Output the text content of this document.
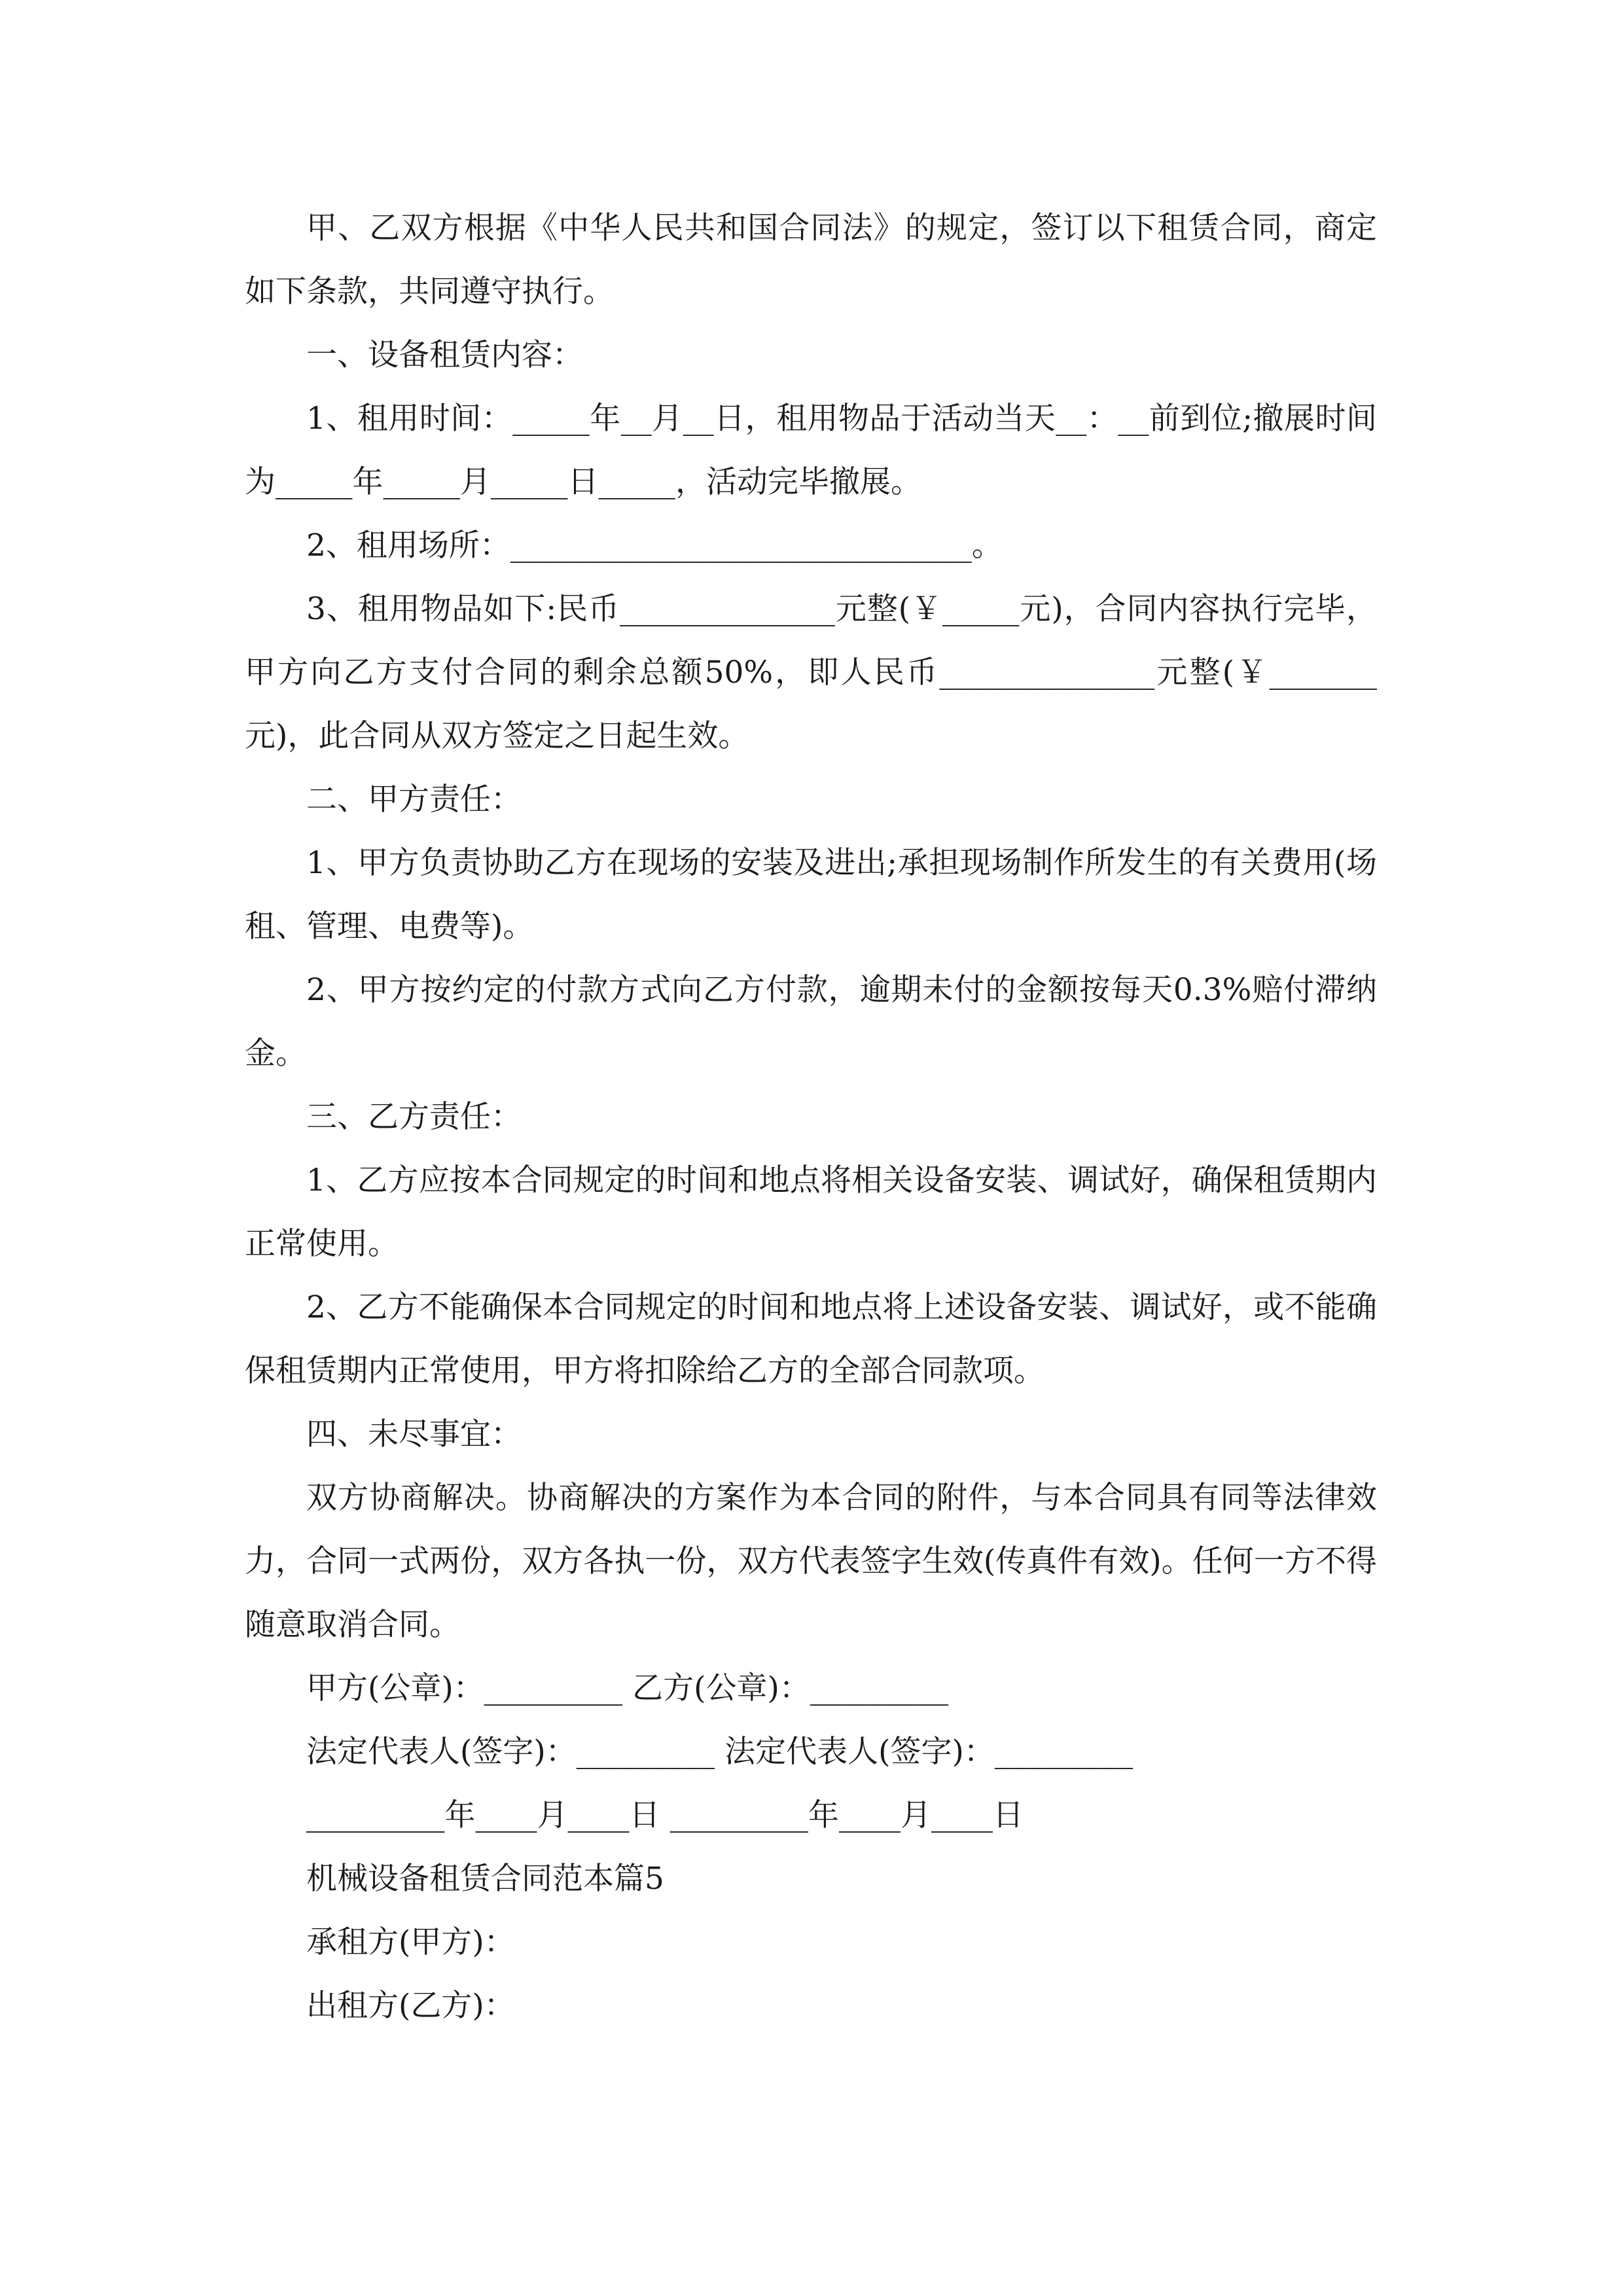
甲、乙双方根据《中华人民共和国合同法》的规定，签订以下租赁合同，商定如下条款，共同遵守执行。

一、设备租赁内容：

1、租用时间：_____年__月__日，租用物品于活动当天__：__前到位;撤展时间为_____年_____月_____日_____，活动完毕撤展。

2、租用场所：______________________________。

3、租用物品如下:民币______________元整(￥_____元)，合同内容执行完毕，甲方向乙方支付合同的剩余总额50%，即人民币______________元整(￥_______元)，此合同从双方签定之日起生效。

二、甲方责任：

1、甲方负责协助乙方在现场的安装及进出;承担现场制作所发生的有关费用(场租、管理、电费等)。

2、甲方按约定的付款方式向乙方付款，逾期未付的金额按每天0.3%赔付滞纳金。

三、乙方责任：

1、乙方应按本合同规定的时间和地点将相关设备安装、调试好，确保租赁期内正常使用。

2、乙方不能确保本合同规定的时间和地点将上述设备安装、调试好，或不能确保租赁期内正常使用，甲方将扣除给乙方的全部合同款项。

四、未尽事宜：

双方协商解决。协商解决的方案作为本合同的附件，与本合同具有同等法律效力，合同一式两份，双方各执一份，双方代表签字生效(传真件有效)。任何一方不得随意取消合同。

甲方(公章)：_________ 乙方(公章)：_________

法定代表人(签字)：_________ 法定代表人(签字)：_________

_________年____月____日 _________年____月____日

机械设备租赁合同范本篇5

承租方(甲方)：

出租方(乙方)：
